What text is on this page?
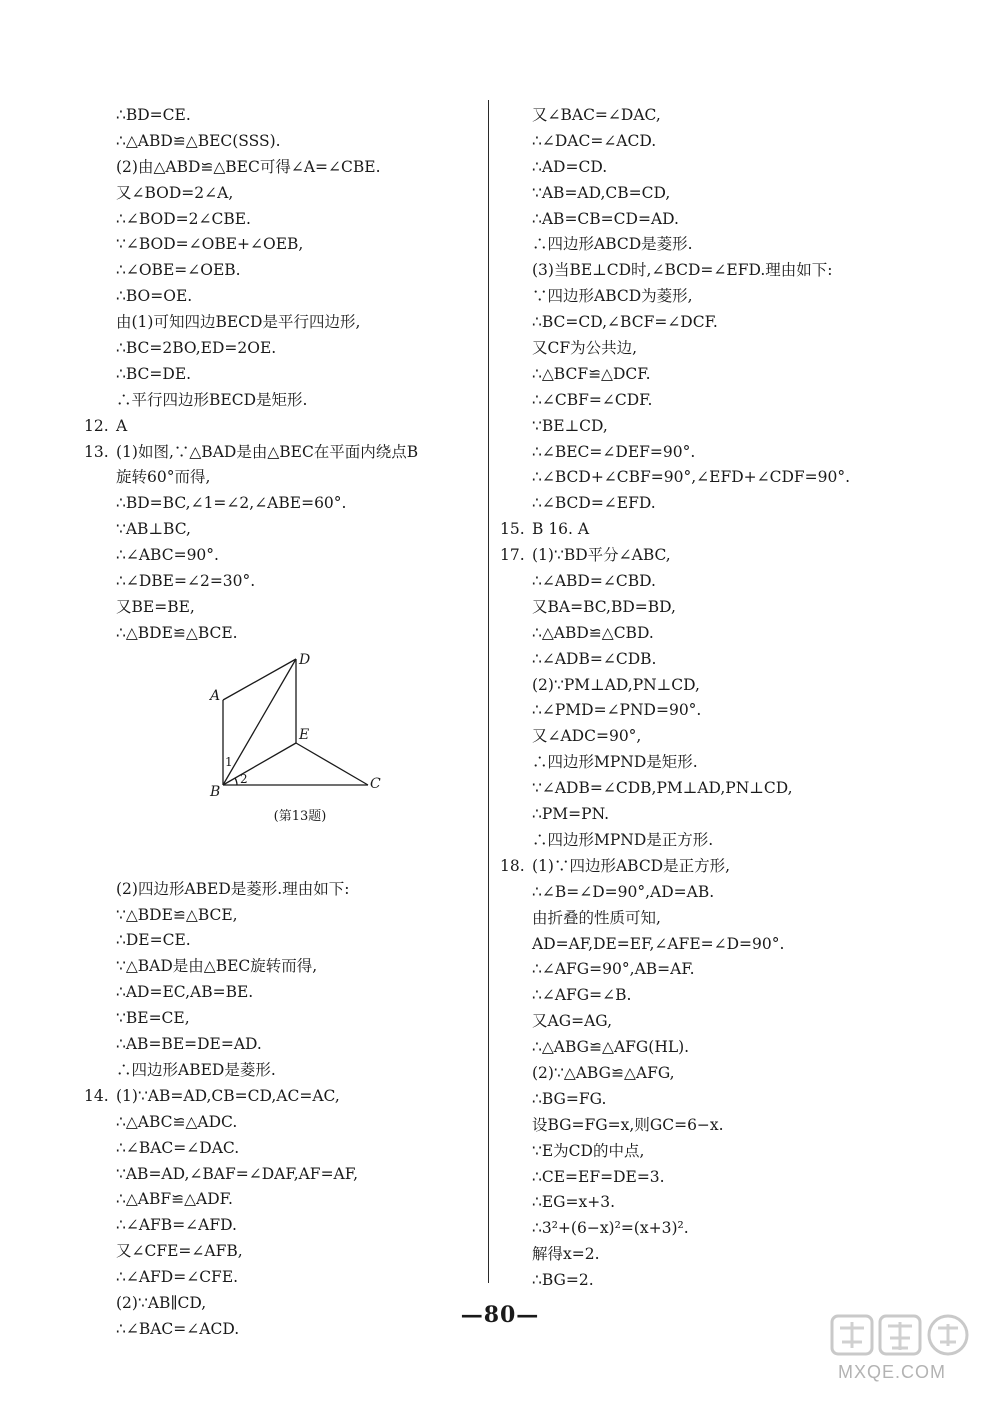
∴BD=CE.
∴△ABD≌△BEC(SSS).
(2)由△ABD≌△BEC可得∠A=∠CBE.
又∠BOD=2∠A,
∴∠BOD=2∠CBE.
∵∠BOD=∠OBE+∠OEB,
∴∠OBE=∠OEB.
∴BO=OE.
由(1)可知四边BECD是平行四边形,
∴BC=2BO,ED=2OE.
∴BC=DE.
∴平行四边形BECD是矩形.
12. A
13. (1)如图,∵△BAD是由△BEC在平面内绕点B
旋转60°而得,
∴BD=BC,∠1=∠2,∠ABE=60°.
∵AB⊥BC,
∴∠ABC=90°.
∴∠DBE=∠2=30°.
又BE=BE,
∴△BDE≌△BCE.
(2)四边形ABED是菱形.理由如下:
∵△BDE≌△BCE,
∴DE=CE.
∵△BAD是由△BEC旋转而得,
∴AD=EC,AB=BE.
∵BE=CE,
∴AB=BE=DE=AD.
∴四边形ABED是菱形.
14. (1)∵AB=AD,CB=CD,AC=AC,
∴△ABC≌△ADC.
∴∠BAC=∠DAC.
∵AB=AD,∠BAF=∠DAF,AF=AF,
∴△ABF≌△ADF.
∴∠AFB=∠AFD.
又∠CFE=∠AFB,
∴∠AFD=∠CFE.
(2)∵AB∥CD,
∴∠BAC=∠ACD.
又∠BAC=∠DAC,
∴∠DAC=∠ACD.
∴AD=CD.
∵AB=AD,CB=CD,
∴AB=CB=CD=AD.
∴四边形ABCD是菱形.
(3)当BE⊥CD时,∠BCD=∠EFD.理由如下:
∵四边形ABCD为菱形,
∴BC=CD,∠BCF=∠DCF.
又CF为公共边,
∴△BCF≌△DCF.
∴∠CBF=∠CDF.
∵BE⊥CD,
∴∠BEC=∠DEF=90°.
∴∠BCD+∠CBF=90°,∠EFD+∠CDF=90°.
∴∠BCD=∠EFD.
15. B 16. A
17. (1)∵BD平分∠ABC,
∴∠ABD=∠CBD.
又BA=BC,BD=BD,
∴△ABD≌△CBD.
∴∠ADB=∠CDB.
(2)∵PM⊥AD,PN⊥CD,
∴∠PMD=∠PND=90°.
又∠ADC=90°,
∴四边形MPND是矩形.
∵∠ADB=∠CDB,PM⊥AD,PN⊥CD,
∴PM=PN.
∴四边形MPND是正方形.
18. (1)∵四边形ABCD是正方形,
∴∠B=∠D=90°,AD=AB.
由折叠的性质可知,
AD=AF,DE=EF,∠AFE=∠D=90°.
∴∠AFG=90°,AB=AF.
∴∠AFG=∠B.
又AG=AG,
∴△ABG≌△AFG(HL).
(2)∵△ABG≌△AFG,
∴BG=FG.
设BG=FG=x,则GC=6−x.
∵E为CD的中点,
∴CE=EF=DE=3.
∴EG=x+3.
∴3²+(6−x)²=(x+3)².
解得x=2.
∴BG=2.
A
B	C
D
E
1
2
(第13题)
—80—
MXQE.COM
